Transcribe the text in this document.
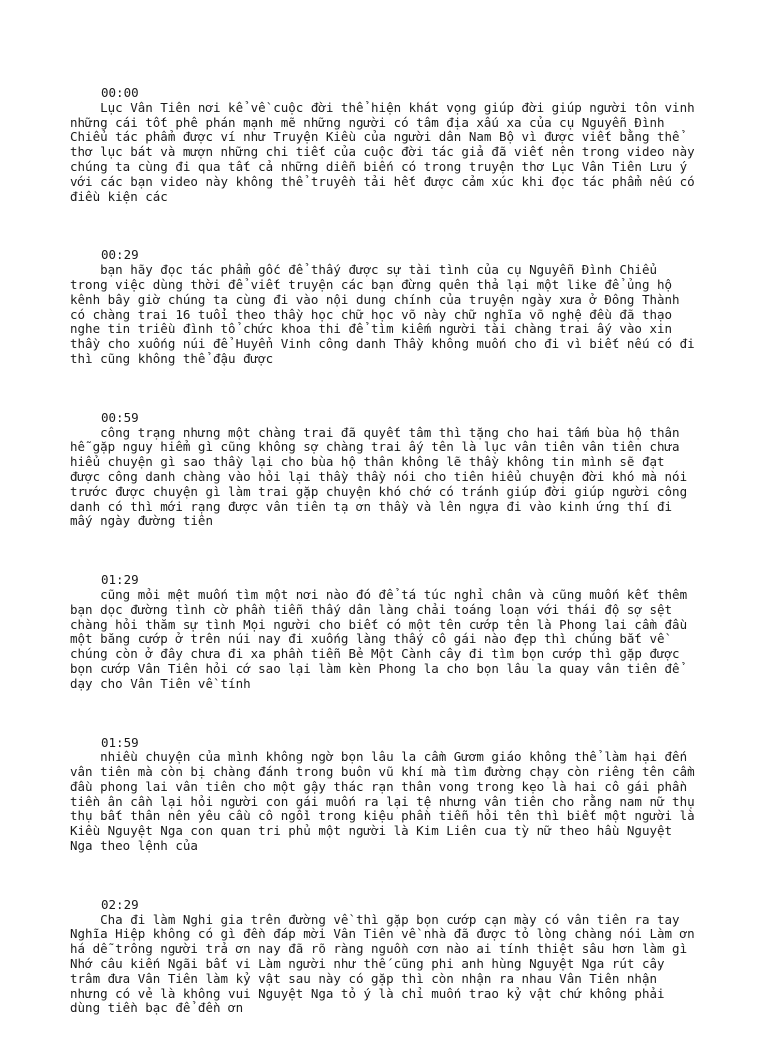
00:00
Lục Vân Tiên nơi kể về cuộc đời thể hiện khát vọng giúp đời giúp người tôn vinh
những cái tốt phê phán mạnh mẽ những người có tâm địa xấu xa của cụ Nguyễn Đình
Chiểu tác phẩm được ví như Truyện Kiều của người dân Nam Bộ vì được viết bằng thể
thơ lục bát và mượn những chi tiết của cuộc đời tác giả đã viết nên trong video này
chúng ta cùng đi qua tất cả những diễn biến có trong truyện thơ Lục Vân Tiên Lưu ý
với các bạn video này không thể truyền tải hết được cảm xúc khi đọc tác phẩm nếu có
điều kiện các
00:29
bạn hãy đọc tác phẩm gốc để thấy được sự tài tình của cụ Nguyễn Đình Chiểu
trong việc dùng thời để viết truyện các bạn đừng quên thả lại một like để ủng hộ
kênh bây giờ chúng ta cùng đi vào nội dung chính của truyện ngày xưa ở Đông Thành
có chàng trai 16 tuổi theo thầy học chữ học võ này chữ nghĩa võ nghệ đều đã thạo
nghe tin triều đình tổ chức khoa thi để tìm kiếm người tài chàng trai ấy vào xin
thầy cho xuống núi để Huyển Vinh công danh Thầy không muốn cho đi vì biết nếu có đi
thì cũng không thể đậu được
00:59
công trạng nhưng một chàng trai đã quyết tâm thì tặng cho hai tấm bùa hộ thân
hễ gặp nguy hiểm gì cũng không sợ chàng trai ấy tên là lục vân tiên vân tiên chưa
hiểu chuyện gì sao thầy lại cho bùa hộ thân không lẽ thầy không tin mình sẽ đạt
được công danh chàng vào hỏi lại thầy thầy nói cho tiên hiểu chuyện đời khó mà nói
trước được chuyện gì làm trai gặp chuyện khó chớ có tránh giúp đời giúp người công
danh có thì mới rạng được vân tiên tạ ơn thầy và lên ngựa đi vào kinh ứng thí đi
mấy ngày đường tiên
01:29
cũng mỏi mệt muốn tìm một nơi nào đó để tá túc nghỉ chân và cũng muốn kết thêm
bạn dọc đường tình cờ phần tiễn thấy dân làng chải toáng loạn với thái độ sợ sệt
chàng hỏi thăm sự tình Mọi người cho biết có một tên cướp tên là Phong lai cầm đầu
một băng cướp ở trên núi nay đi xuống làng thấy cô gái nào đẹp thì chúng bắt về
chúng còn ở đây chưa đi xa phần tiễn Bẻ Một Cành cây đi tìm bọn cướp thì gặp được
bọn cướp Vân Tiên hỏi cớ sao lại làm kèn Phong la cho bọn lâu la quay vân tiên để
dạy cho Vân Tiên về tính
01:59
nhiều chuyện của mình không ngờ bọn lâu la cầm Gươm giáo không thể làm hại đến
vân tiên mà còn bị chàng đánh trong buôn vũ khí mà tìm đường chạy còn riêng tên cầm
đầu phong lai vân tiên cho một gậy thác rạn thân vong trong kẹo là hai cô gái phần
tiền ân cần lại hỏi người con gái muốn ra lại tệ nhưng vân tiên cho rằng nam nữ thụ
thụ bất thân nên yêu cầu cô ngồi trong kiệu phần tiễn hỏi tên thì biết một người là
Kiều Nguyệt Nga con quan tri phủ một người là Kim Liên cua tỳ nữ theo hầu Nguyệt
Nga theo lệnh của
02:29
Cha đi làm Nghi gia trên đường về thì gặp bọn cướp cạn mày có vân tiên ra tay
Nghĩa Hiệp không có gì đền đáp mời Vân Tiên về nhà đã được tỏ lòng chàng nói Làm ơn
há dễ trông người trả ơn nay đã rõ ràng nguồn cơn nào ai tính thiệt sâu hơn làm gì
Nhớ câu kiến Ngãi bất vi Làm người như thế cũng phi anh hùng Nguyệt Nga rút cây
trâm đưa Vân Tiên làm kỷ vật sau này có gặp thì còn nhận ra nhau Vân Tiên nhận
nhưng có vẻ là không vui Nguyệt Nga tỏ ý là chỉ muốn trao kỷ vật chứ không phải
dùng tiền bạc để đền ơn
